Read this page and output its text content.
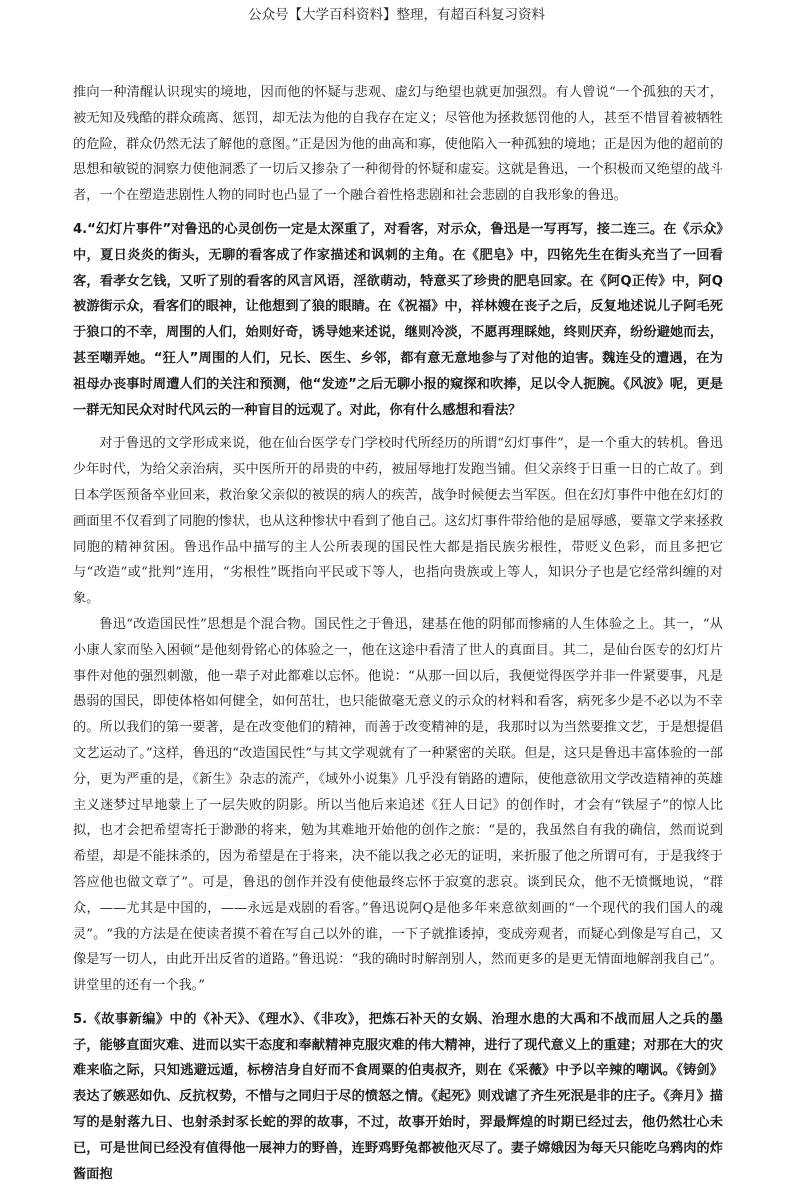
公众号【大学百科资料】整理，有超百科复习资料

推向一种清醒认识现实的境地，因而他的怀疑与悲观、虚幻与绝望也就更加强烈。有人曾说“一个孤独的天才，被无知及残酷的群众疏离、惩罚，却无法为他的自我存在定义；尽管他为拯救惩罚他的人，甚至不惜冒着被牺牲的危险，群众仍然无法了解他的意图。”正是因为他的曲高和寡，使他陷入一种孤独的境地；正是因为他的超前的思想和敏锐的洞察力使他洞悉了一切后又掺杂了一种彻骨的怀疑和虚妄。这就是鲁迅，一个积极而又绝望的战斗者，一个在塑造悲剧性人物的同时也凸显了一个融合着性格悲剧和社会悲剧的自我形象的鲁迅。

4.“幻灯片事件”对鲁迅的心灵创伤一定是太深重了，对看客，对示众，鲁迅是一写再写，接二连三。在《示众》中，夏日炎炎的街头，无聊的看客成了作家描述和讽刺的主角。在《肥皂》中，四铭先生在街头充当了一回看客，看孝女乞钱，又听了别的看客的风言风语，淫欲萌动，特意买了珍贵的肥皂回家。在《阿Q正传》中，阿Q被游街示众，看客们的眼神，让他想到了狼的眼睛。在《祝福》中，祥林嫂在丧子之后，反复地述说儿子阿毛死于狼口的不幸，周围的人们，始则好奇，诱导她来述说，继则冷淡，不愿再理睬她，终则厌弃，纷纷避她而去，甚至嘲弄她。“狂人”周围的人们，兄长、医生、乡邻，都有意无意地参与了对他的迫害。魏连殳的遭遇，在为祖母办丧事时周遭人们的关注和预测，他“发迹”之后无聊小报的窥探和吹捧，足以令人扼腕。《风波》呢，更是一群无知民众对时代风云的一种盲目的远观了。对此，你有什么感想和看法？

对于鲁迅的文学形成来说，他在仙台医学专门学校时代所经历的所谓“幻灯事件”，是一个重大的转机。鲁迅少年时代，为给父亲治病，买中医所开的昂贵的中药，被屈辱地打发跑当铺。但父亲终于日重一日的亡故了。到日本学医预备卒业回来，救治象父亲似的被误的病人的疾苦，战争时候便去当军医。但在幻灯事件中他在幻灯的画面里不仅看到了同胞的惨状，也从这种惨状中看到了他自己。这幻灯事件带给他的是屈辱感，要靠文学来拯救同胞的精神贫困。鲁迅作品中描写的主人公所表现的国民性大都是指民族劣根性，带贬义色彩，而且多把它与“改造”或“批判”连用，“劣根性”既指向平民或下等人，也指向贵族或上等人，知识分子也是它经常纠缠的对象。

鲁迅“改造国民性”思想是个混合物。国民性之于鲁迅，建基在他的阴郁而惨痛的人生体验之上。其一，“从小康人家而坠入困顿”是他刻骨铭心的体验之一，他在这途中看清了世人的真面目。其二，是仙台医专的幻灯片事件对他的强烈刺激，他一辈子对此都难以忘怀。他说：“从那一回以后，我便觉得医学并非一件紧要事，凡是愚弱的国民，即使体格如何健全，如何茁壮，也只能做毫无意义的示众的材料和看客，病死多少是不必以为不幸的。所以我们的第一要著，是在改变他们的精神，而善于改变精神的是，我那时以为当然要推文艺，于是想提倡文艺运动了。”这样，鲁迅的“改造国民性”与其文学观就有了一种紧密的关联。但是，这只是鲁迅丰富体验的一部分，更为严重的是，《新生》杂志的流产，《域外小说集》几乎没有销路的遭际，使他意欲用文学改造精神的英雄主义迷梦过早地蒙上了一层失败的阴影。所以当他后来追述《狂人日记》的创作时，才会有“铁屋子”的惊人比拟，也才会把希望寄托于渺渺的将来，勉为其难地开始他的创作之旅：“是的，我虽然自有我的确信，然而说到希望，却是不能抹杀的，因为希望是在于将来，决不能以我之必无的证明，来折服了他之所谓可有，于是我终于答应他也做文章了”。可是，鲁迅的创作并没有使他最终忘怀于寂寞的悲哀。谈到民众，他不无愤慨地说，“群众，——尤其是中国的，——永远是戏剧的看客。”鲁迅说阿Q是他多年来意欲刻画的“一个现代的我们国人的魂灵”。“我的方法是在使读者摸不着在写自己以外的谁，一下子就推诿掉，变成旁观者，而疑心到像是写自己，又像是写一切人，由此开出反省的道路。”鲁迅说：“我的确时时解剖别人，然而更多的是更无情面地解剖我自己”。讲堂里的还有一个我。”

5.《故事新编》中的《补天》、《理水》、《非攻》，把炼石补天的女娲、治理水患的大禹和不战而屈人之兵的墨子，能够直面灾难、进而以实干态度和奉献精神克服灾难的伟大精神，进行了现代意义上的重建；对那在大的灾难来临之际，只知逃避远遁，标榜洁身自好而不食周粟的伯夷叔齐，则在《采薇》中予以辛辣的嘲讽。《铸剑》表达了嫉恶如仇、反抗权势，不惜与之同归于尽的愤怒之情。《起死》则戏谑了齐生死泯是非的庄子。《奔月》描写的是射落九日、也射杀封豕长蛇的羿的故事，不过，故事开始时，羿最辉煌的时期已经过去，他仍然壮心未已，可是世间已经没有值得他一展神力的野兽，连野鸡野兔都被他灭尽了。妻子嫦娥因为每天只能吃乌鸦肉的炸酱面抱
